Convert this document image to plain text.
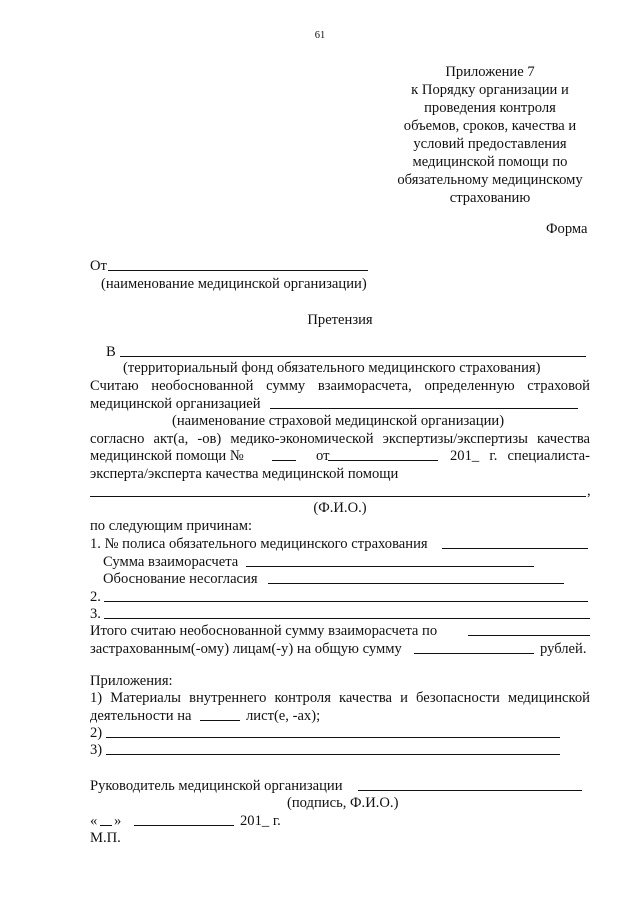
61
Приложение 7
к Порядку организации и
проведения контроля
объемов, сроков, качества и
условий предоставления
медицинской помощи по
обязательному медицинскому
страхованию
Форма
От
(наименование медицинской организации)
Претензия
В
(территориальный фонд обязательного медицинского страхования)
Считаю необоснованной сумму взаиморасчета, определенную страховой
медицинской организацией
(наименование страховой медицинской организации)
согласно акт(а, -ов) медико-экономической экспертизы/экспертизы качества
медицинской помощи №	от	201_ г. специалиста-
эксперта/эксперта качества медицинской помощи
,
(Ф.И.О.)
по следующим причинам:
1. № полиса обязательного медицинского страхования
Сумма взаиморасчета
Обоснование несогласия
2.
3.
Итого считаю необоснованной сумму взаиморасчета по
застрахованным(-ому) лицам(-у) на общую сумму	рублей.
Приложения:
1) Материалы внутреннего контроля качества и безопасности медицинской
деятельности на	лист(е, -ах);
2)
3)
Руководитель медицинской организации
(подпись, Ф.И.О.)
« »	201_ г.
М.П.
